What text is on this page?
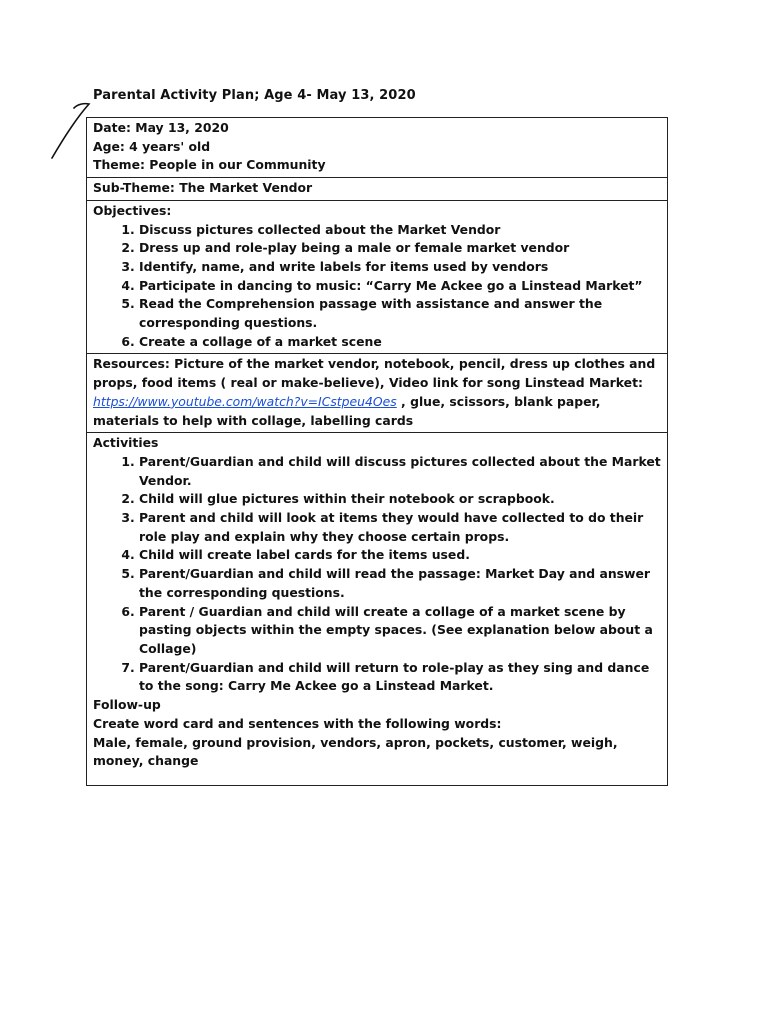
Parental Activity Plan; Age 4- May 13, 2020
Date: May 13, 2020
Age: 4 years' old
Theme: People in our Community
Sub-Theme: The Market Vendor
Objectives:
1. Discuss pictures collected about the Market Vendor
2. Dress up and role-play being a male or female market vendor
3. Identify, name, and write labels for items used by vendors
4. Participate in dancing to music: “Carry Me Ackee go a Linstead Market”
5. Read the Comprehension passage with assistance and answer the corresponding questions.
6. Create a collage of a market scene
Resources: Picture of the market vendor, notebook, pencil, dress up clothes and props, food items ( real or make-believe), Video link for song Linstead Market: https://www.youtube.com/watch?v=ICstpeu4Oes , glue, scissors, blank paper, materials to help with collage, labelling cards
Activities
1. Parent/Guardian and child will discuss pictures collected about the Market Vendor.
2. Child will glue pictures within their notebook or scrapbook.
3. Parent and child will look at items they would have collected to do their role play and explain why they choose certain props.
4. Child will create label cards for the items used.
5. Parent/Guardian and child will read the passage: Market Day and answer the corresponding questions.
6. Parent / Guardian and child will create a collage of a market scene by pasting objects within the empty spaces. (See explanation below about a Collage)
7. Parent/Guardian and child will return to role-play as they sing and dance to the song: Carry Me Ackee go a Linstead Market.
Follow-up
Create word card and sentences with the following words:
Male, female, ground provision, vendors, apron, pockets, customer, weigh, money, change
